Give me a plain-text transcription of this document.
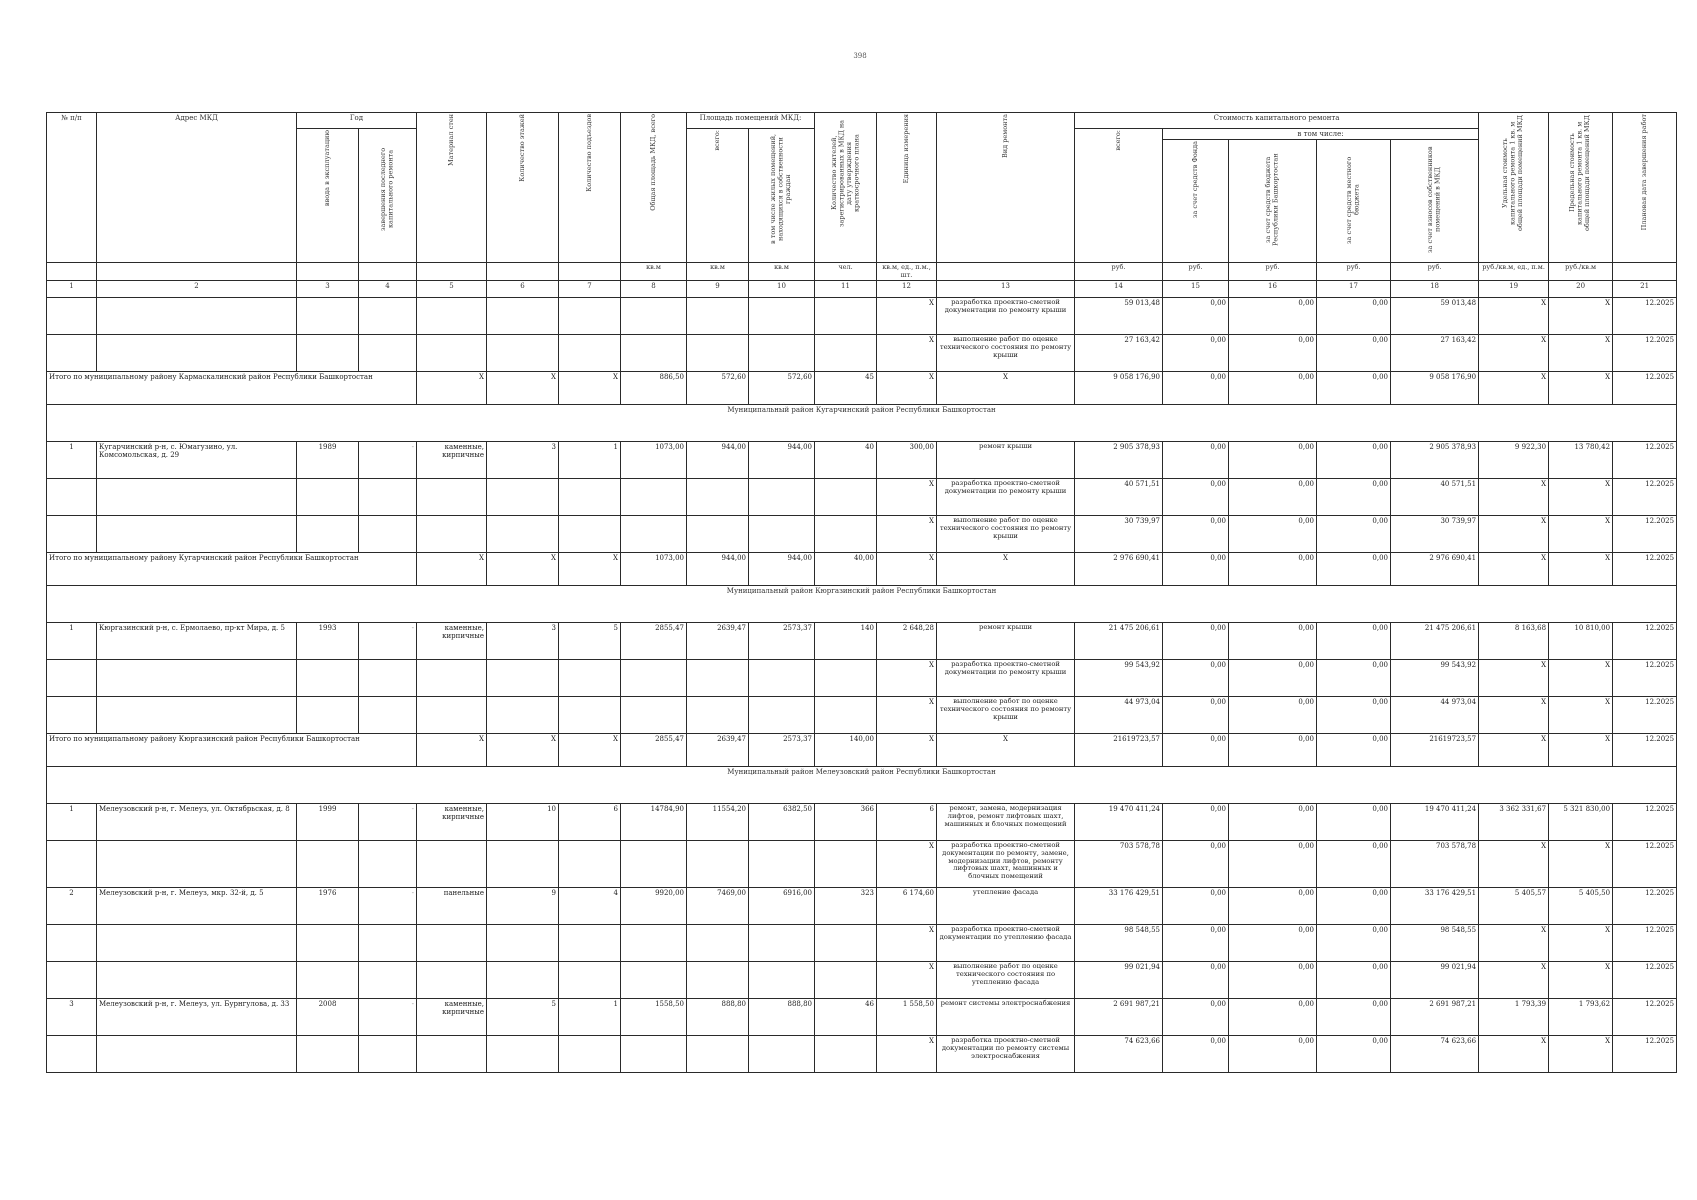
398
№ п/п	Адрес МКД	Год		Материал стен	Количество этажей	Количество подъездов	Общая площадь МКД, всего	Площадь помещений МКД:		Количество жителей, зарегистрированных в МКД на дату утверждения краткосрочного плана	Единица измерения	Вид ремонта	Стоимость капитального ремонта					Удельная стоимость капитального ремонта 1 кв. м общей площади помещений МКД	Предельная стоимость капитального ремонта 1 кв. м общей площади помещений МКД	Плановая дата завершения работ
		ввода в эксплуатацию	завершения последнего капитального ремонта					всего:	в том числе жилых помещений, находящихся в собственности граждан				всего:	в том числе:						
														за счет средств Фонда	за счет средств бюджета Республики Башкортостан	за счет средств местного бюджета	за счет взносов собственников помещений в МКД			
							кв.м	кв.м	кв.м	чел.	кв.м, ед., п.м., шт.		руб.	руб.	руб.	руб.	руб.	руб./кв.м, ед., п.м.	руб./кв.м	
1	2	3	4	5	6	7	8	9	10	11	12	13	14	15	16	17	18	19	20	21
											X	разработка проектно-сметной документации по ремонту крыши	59 013,48	0,00	0,00	0,00	59 013,48	X	X	12.2025
											X	выполнение работ по оценке технического состояния по ремонту крыши	27 163,42	0,00	0,00	0,00	27 163,42	X	X	12.2025
Итого по муниципальному району Кармаскалинский район Республики Башкортостан				X	X	X	886,50	572,60	572,60	45	X	X	9 058 176,90	0,00	0,00	0,00	9 058 176,90	X	X	12.2025
Муниципальный район Кугарчинский район Республики Башкортостан																				
1	Кугарчинский р-н, с. Юмагузино, ул. Комсомольская, д. 29	1989	-	каменные, кирпичные	3	1	1073,00	944,00	944,00	40	300,00	ремонт крыши	2 905 378,93	0,00	0,00	0,00	2 905 378,93	9 922,30	13 780,42	12.2025
											X	разработка проектно-сметной документации по ремонту крыши	40 571,51	0,00	0,00	0,00	40 571,51	X	X	12.2025
											X	выполнение работ по оценке технического состояния по ремонту крыши	30 739,97	0,00	0,00	0,00	30 739,97	X	X	12.2025
Итого по муниципальному району Кугарчинский район Республики Башкортостан				X	X	X	1073,00	944,00	944,00	40,00	X	X	2 976 690,41	0,00	0,00	0,00	2 976 690,41	X	X	12.2025
Муниципальный район Кюргазинский район Республики Башкортостан																				
1	Кюргазинский р-н, с. Ермолаево, пр-кт Мира, д. 5	1993	-	каменные, кирпичные	3	5	2855,47	2639,47	2573,37	140	2 648,28	ремонт крыши	21 475 206,61	0,00	0,00	0,00	21 475 206,61	8 163,68	10 810,00	12.2025
											X	разработка проектно-сметной документации по ремонту крыши	99 543,92	0,00	0,00	0,00	99 543,92	X	X	12.2025
											X	выполнение работ по оценке технического состояния по ремонту крыши	44 973,04	0,00	0,00	0,00	44 973,04	X	X	12.2025
Итого по муниципальному району Кюргазинский район Республики Башкортостан				X	X	X	2855,47	2639,47	2573,37	140,00	X	X	21619723,57	0,00	0,00	0,00	21619723,57	X	X	12.2025
Муниципальный район Мелеузовский район Республики Башкортостан																				
1	Мелеузовский р-н, г. Мелеуз, ул. Октябрьская, д. 8	1999	-	каменные, кирпичные	10	6	14784,90	11554,20	6382,50	366	6	ремонт, замена, модернизация лифтов, ремонт лифтовых шахт, машинных и блочных помещений	19 470 411,24	0,00	0,00	0,00	19 470 411,24	3 362 331,67	5 321 830,00	12.2025
											X	разработка проектно-сметной документации по ремонту, замене, модернизации лифтов, ремонту лифтовых шахт, машинных и блочных помещений	703 578,78	0,00	0,00	0,00	703 578,78	X	X	12.2025
2	Мелеузовский р-н, г. Мелеуз, мкр. 32-й, д. 5	1976	-	панельные	9	4	9920,00	7469,00	6916,00	323	6 174,60	утепление фасада	33 176 429,51	0,00	0,00	0,00	33 176 429,51	5 405,57	5 405,50	12.2025
											X	разработка проектно-сметной документации по утеплению фасада	98 548,55	0,00	0,00	0,00	98 548,55	X	X	12.2025
											X	выполнение работ по оценке технического состояния по утеплению фасада	99 021,94	0,00	0,00	0,00	99 021,94	X	X	12.2025
3	Мелеузовский р-н, г. Мелеуз, ул. Бурнгулова, д. 33	2008	-	каменные, кирпичные	5	1	1558,50	888,80	888,80	46	1 558,50	ремонт системы электроснабжения	2 691 987,21	0,00	0,00	0,00	2 691 987,21	1 793,39	1 793,62	12.2025
											X	разработка проектно-сметной документации по ремонту системы электроснабжения	74 623,66	0,00	0,00	0,00	74 623,66	X	X	12.2025
